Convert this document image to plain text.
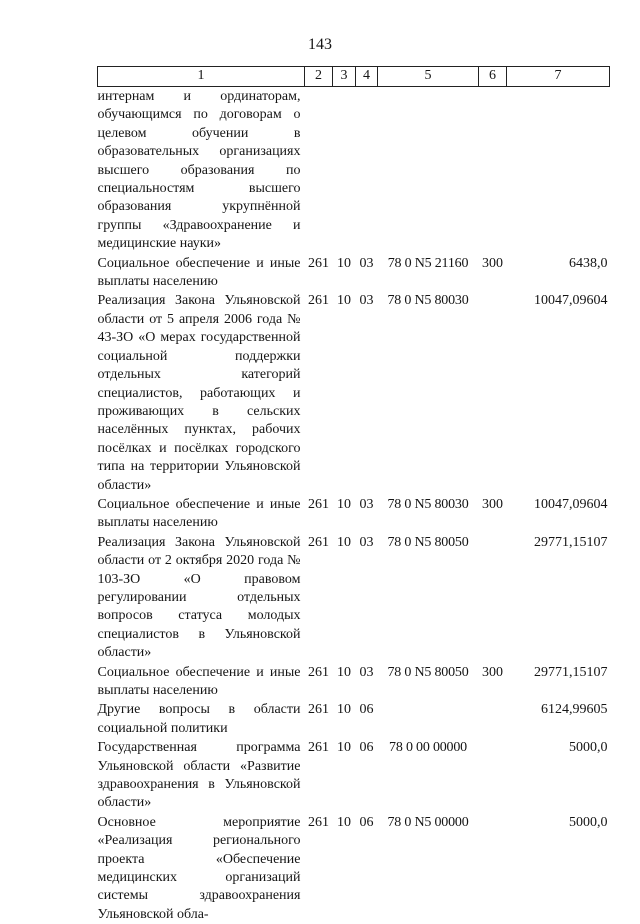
143
1	2	3	4	5	6	7
интернам и ординаторам, обучающимся по договорам о целевом обучении в образовательных организациях высшего образования по специальностям высшего образования укрупнённой группы «Здравоохранение и медицинские науки»						
Социальное обеспечение и иные выплаты населению	261	10	03	78 0 N5 21160	300	6438,0
Реализация Закона Ульяновской области от 5 апреля 2006 года № 43-ЗО «О мерах государственной социальной поддержки отдельных категорий специалистов, работающих и проживающих в сельских населённых пунктах, рабочих посёлках и посёлках городского типа на территории Ульяновской области»	261	10	03	78 0 N5 80030		10047,09604
Социальное обеспечение и иные выплаты населению	261	10	03	78 0 N5 80030	300	10047,09604
Реализация Закона Ульяновской области от 2 октября 2020 года № 103-ЗО «О правовом регулировании отдельных вопросов статуса молодых специалистов в Ульяновской области»	261	10	03	78 0 N5 80050		29771,15107
Социальное обеспечение и иные выплаты населению	261	10	03	78 0 N5 80050	300	29771,15107
Другие вопросы в области социальной политики	261	10	06			6124,99605
Государственная программа Ульяновской области «Развитие здравоохранения в Ульяновской области»	261	10	06	78 0 00 00000		5000,0
Основное мероприятие «Реализация регионального проекта «Обеспечение медицинских организаций системы здравоохранения Ульяновской обла-	261	10	06	78 0 N5 00000		5000,0
